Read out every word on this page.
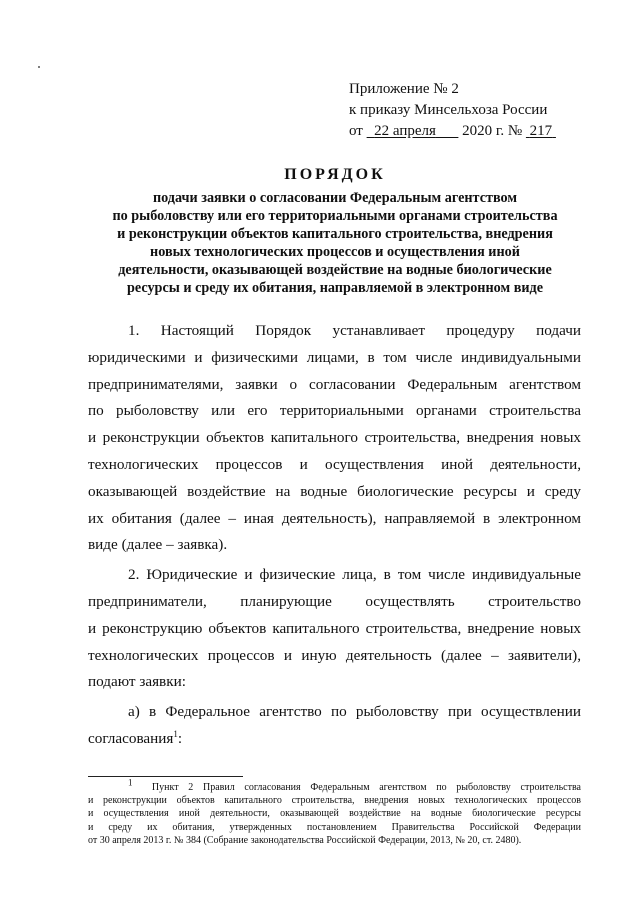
Приложение № 2
к приказу Минсельхоза России
от 22 апреля 2020 г. № 217
ПОРЯДОК
подачи заявки о согласовании Федеральным агентством
по рыболовству или его территориальными органами строительства
и реконструкции объектов капитального строительства, внедрения
новых технологических процессов и осуществления иной
деятельности, оказывающей воздействие на водные биологические
ресурсы и среду их обитания, направляемой в электронном виде
1. Настоящий Порядок устанавливает процедуру подачи
юридическими и физическими лицами, в том числе индивидуальными
предпринимателями, заявки о согласовании Федеральным агентством
по рыболовству или его территориальными органами строительства
и реконструкции объектов капитального строительства, внедрения новых
технологических процессов и осуществления иной деятельности,
оказывающей воздействие на водные биологические ресурсы и среду
их обитания (далее – иная деятельность), направляемой в электронном
виде (далее – заявка).
2. Юридические и физические лица, в том числе индивидуальные
предприниматели, планирующие осуществлять строительство
и реконструкцию объектов капитального строительства, внедрение новых
технологических процессов и иную деятельность (далее – заявители),
подают заявки:
а) в Федеральное агентство по рыболовству при осуществлении
согласования$^1$:
$^1$ Пункт 2 Правил согласования Федеральным агентством по рыболовству строительства
и реконструкции объектов капитального строительства, внедрения новых технологических процессов
и осуществления иной деятельности, оказывающей воздействие на водные биологические ресурсы
и среду их обитания, утвержденных постановлением Правительства Российской Федерации
от 30 апреля 2013 г. № 384 (Собрание законодательства Российской Федерации, 2013, № 20, ст. 2480).
